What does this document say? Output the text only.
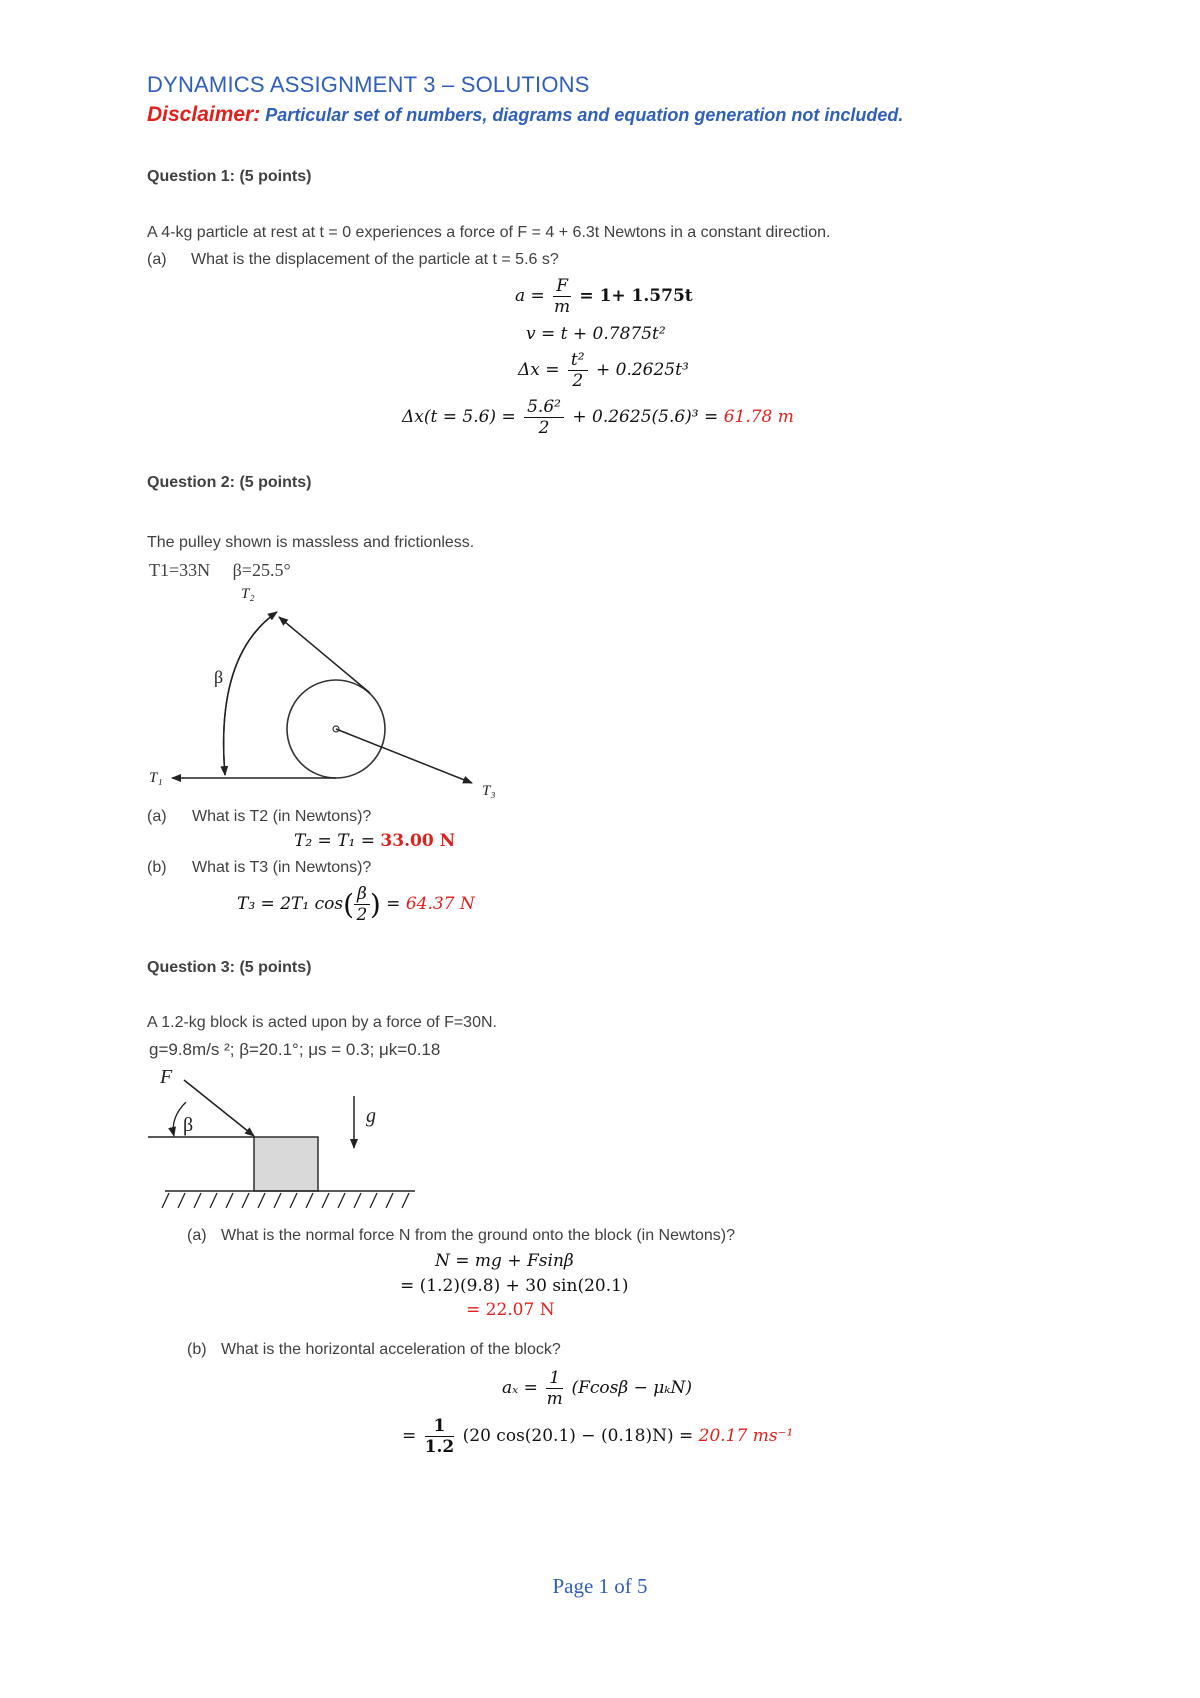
DYNAMICS ASSIGNMENT 3 – SOLUTIONS
Disclaimer: Particular set of numbers, diagrams and equation generation not included.
Question 1: (5 points)
A 4-kg particle at rest at t = 0 experiences a force of F = 4 + 6.3t Newtons in a constant direction.
(a) What is the displacement of the particle at t = 5.6 s?
$a = \frac{F}{m} = 1+ 1.575t$
v = t + 0.7875t²
$\Delta x = \frac{\text{t²}}{2} + 0.2625t^3$
$\Delta x(t = 5.6) = \frac{\text{5.6²}}{2} + 0.2625(5.6)^3 = 61.78$ m
Question 2: (5 points)
The pulley shown is massless and frictionless.
T1=33N     β=25.5°
T₁
T₂
T₃
β
(a) What is T2 (in Newtons)?
T₂ = T₁ = 33.00 N
(b) What is T3 (in Newtons)?
T₃ = 2T₁ $\cos( \frac{\beta}{2}$ ) = 64.37 N
Question 3: (5 points)
A 1.2-kg block is acted upon by a force of F=30N.
g=9.8m/s ²; β=20.1°; μs = 0.3; μk=0.18
F
β	g
(a) What is the normal force N from the ground onto the block (in Newtons)?
N = mg + Fsinβ
= (1.2)(9.8) + 30 sin(20.1)
= 22.07 N
(b) What is the horizontal acceleration of the block?
$a_x = \frac{1}{m} (Fcos\beta - \mu_kN)$
= $\frac{1}{1.2} (20$ cos(20.1) − (0.18)N) = 20.17 ms⁻¹
Page 1 of 5
